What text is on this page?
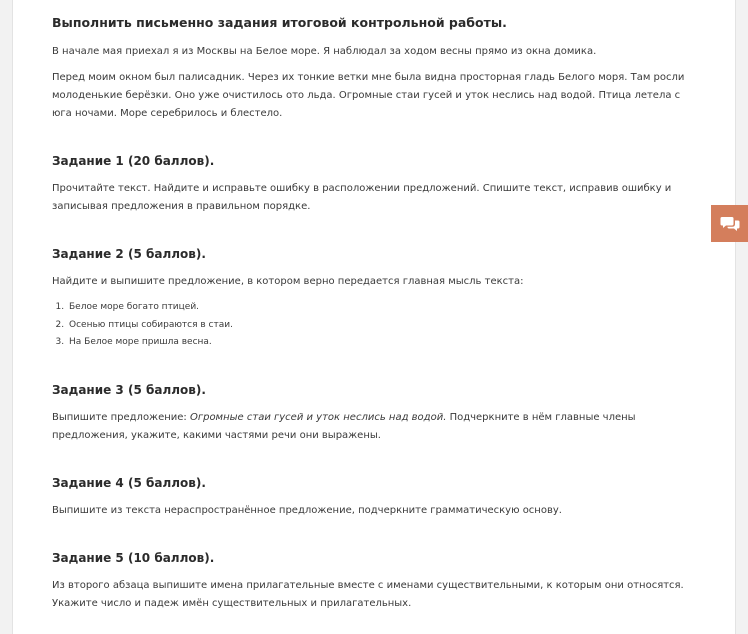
Выполнить письменно задания итоговой контрольной работы.

В начале мая приехал я из Москвы на Белое море. Я наблюдал за ходом весны прямо из окна домика.

Перед моим окном был палисадник. Через их тонкие ветки мне была видна просторная гладь Белого моря. Там росли молоденькие берёзки. Оно уже очистилось ото льда. Огромные стаи гусей и уток неслись над водой. Птица летела с юга ночами. Море серебрилось и блестело.

Задание 1 (20 баллов).

Прочитайте текст. Найдите и исправьте ошибку в расположении предложений. Спишите текст, исправив ошибку и записывая предложения в правильном порядке.

Задание 2 (5 баллов).

Найдите и выпишите предложение, в котором верно передается главная мысль текста:

1. Белое море богато птицей.
2. Осенью птицы собираются в стаи.
3. На Белое море пришла весна.
Задание 3 (5 баллов).

Выпишите предложение: Огромные стаи гусей и уток неслись над водой. Подчеркните в нём главные члены предложения, укажите, какими частями речи они выражены.

Задание 4 (5 баллов).

Выпишите из текста нераспространённое предложение, подчеркните грамматическую основу.

Задание 5 (10 баллов).

Из второго абзаца выпишите имена прилагательные вместе с именами существительными, к которым они относятся. Укажите число и падеж имён существительных и прилагательных.
